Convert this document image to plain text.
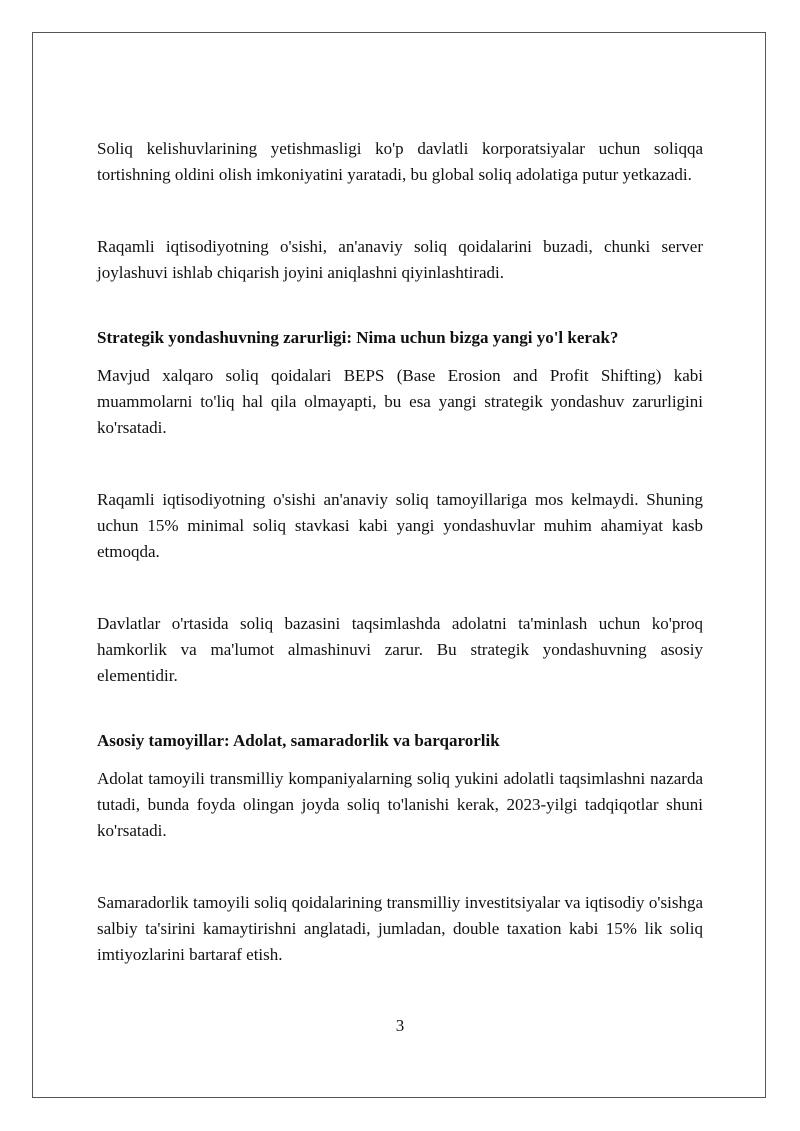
Soliq kelishuvlarining yetishmasligi ko'p davlatli korporatsiyalar uchun soliqqa tortishning oldini olish imkoniyatini yaratadi, bu global soliq adolatiga putur yetkazadi.

Raqamli iqtisodiyotning o'sishi, an'anaviy soliq qoidalarini buzadi, chunki server joylashuvi ishlab chiqarish joyini aniqlashni qiyinlashtiradi.

Strategik yondashuvning zarurligi: Nima uchun bizga yangi yo'l kerak?

Mavjud xalqaro soliq qoidalari BEPS (Base Erosion and Profit Shifting) kabi muammolarni to'liq hal qila olmayapti, bu esa yangi strategik yondashuv zarurligini ko'rsatadi.

Raqamli iqtisodiyotning o'sishi an'anaviy soliq tamoyillariga mos kelmaydi. Shuning uchun 15% minimal soliq stavkasi kabi yangi yondashuvlar muhim ahamiyat kasb etmoqda.

Davlatlar o'rtasida soliq bazasini taqsimlashda adolatni ta'minlash uchun ko'proq hamkorlik va ma'lumot almashinuvi zarur. Bu strategik yondashuvning asosiy elementidir.

Asosiy tamoyillar: Adolat, samaradorlik va barqarorlik

Adolat tamoyili transmilliy kompaniyalarning soliq yukini adolatli taqsimlashni nazarda tutadi, bunda foyda olingan joyda soliq to'lanishi kerak, 2023-yilgi tadqiqotlar shuni ko'rsatadi.

Samaradorlik tamoyili soliq qoidalarining transmilliy investitsiyalar va iqtisodiy o'sishga salbiy ta'sirini kamaytirishni anglatadi, jumladan, double taxation kabi 15% lik soliq imtiyozlarini bartaraf etish.

3
